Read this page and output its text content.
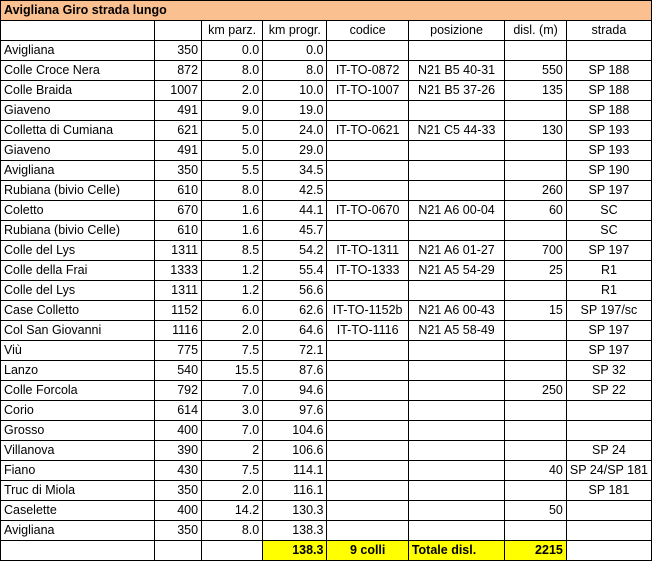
Avigliana Giro strada lungo							
		km parz.	km progr.	codice	posizione	disl. (m)	strada
Avigliana	350	0.0	0.0				
Colle Croce Nera	872	8.0	8.0	IT-TO-0872	N21 B5 40-31	550	SP 188
Colle Braida	1007	2.0	10.0	IT-TO-1007	N21 B5 37-26	135	SP 188
Giaveno	491	9.0	19.0				SP 188
Colletta di Cumiana	621	5.0	24.0	IT-TO-0621	N21 C5 44-33	130	SP 193
Giaveno	491	5.0	29.0				SP 193
Avigliana	350	5.5	34.5				SP 190
Rubiana (bivio Celle)	610	8.0	42.5			260	SP 197
Coletto	670	1.6	44.1	IT-TO-0670	N21 A6 00-04	60	SC
Rubiana (bivio Celle)	610	1.6	45.7				SC
Colle del Lys	1311	8.5	54.2	IT-TO-1311	N21 A6 01-27	700	SP 197
Colle della Frai	1333	1.2	55.4	IT-TO-1333	N21 A5 54-29	25	R1
Colle del Lys	1311	1.2	56.6				R1
Case Colletto	1152	6.0	62.6	IT-TO-1152b	N21 A6 00-43	15	SP 197/sc
Col San Giovanni	1116	2.0	64.6	IT-TO-1116	N21 A5 58-49		SP 197
Viù	775	7.5	72.1				SP 197
Lanzo	540	15.5	87.6				SP 32
Colle Forcola	792	7.0	94.6			250	SP 22
Corio	614	3.0	97.6				
Grosso	400	7.0	104.6				
Villanova	390	2	106.6				SP 24
Fiano	430	7.5	114.1			40	SP 24/SP 181
Truc di Miola	350	2.0	116.1				SP 181
Caselette	400	14.2	130.3			50	
Avigliana	350	8.0	138.3				
			138.3	9 colli	Totale disl.	2215	
